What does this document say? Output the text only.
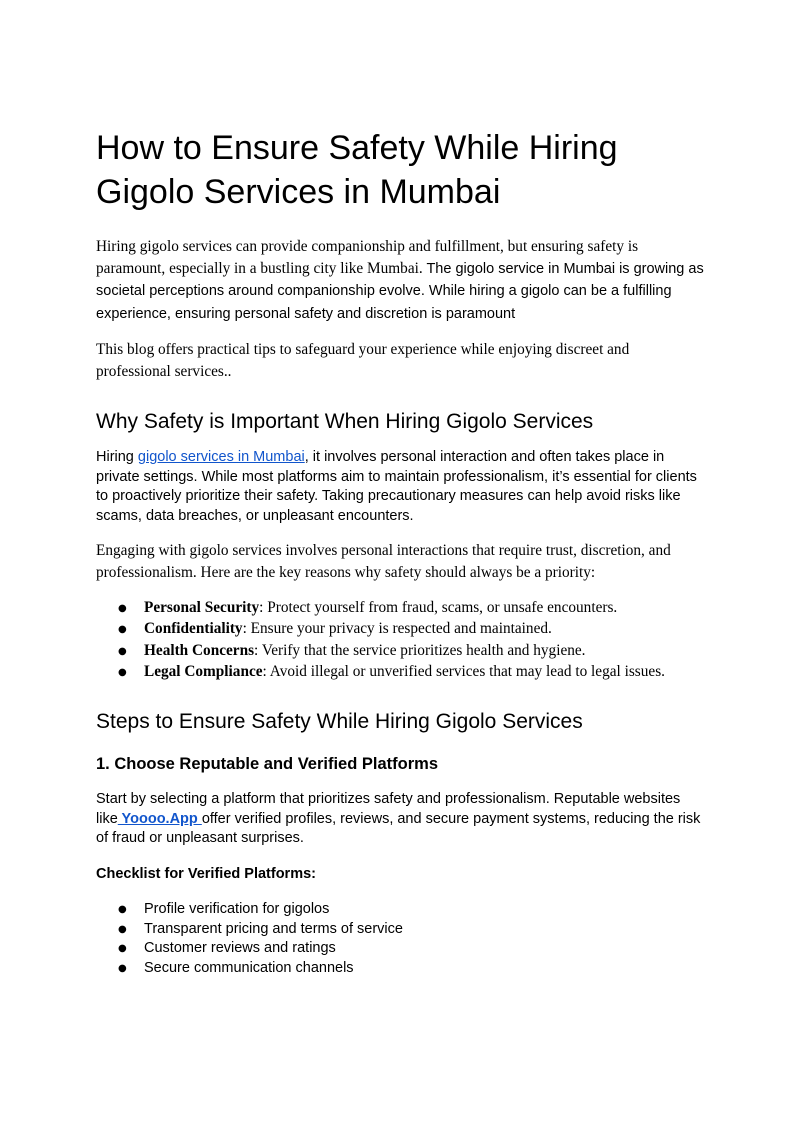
How to Ensure Safety While Hiring
Gigolo Services in Mumbai

Hiring gigolo services can provide companionship and fulfillment, but ensuring safety is paramount, especially in a bustling city like Mumbai. The gigolo service in Mumbai is growing as societal perceptions around companionship evolve. While hiring a gigolo can be a fulfilling experience, ensuring personal safety and discretion is paramount

This blog offers practical tips to safeguard your experience while enjoying discreet and professional services..

Why Safety is Important When Hiring Gigolo Services

Hiring gigolo services in Mumbai, it involves personal interaction and often takes place in private settings. While most platforms aim to maintain professionalism, it’s essential for clients to proactively prioritize their safety. Taking precautionary measures can help avoid risks like scams, data breaches, or unpleasant encounters.

Engaging with gigolo services involves personal interactions that require trust, discretion, and professionalism. Here are the key reasons why safety should always be a priority:

● Personal Security: Protect yourself from fraud, scams, or unsafe encounters.
● Confidentiality: Ensure your privacy is respected and maintained.
● Health Concerns: Verify that the service prioritizes health and hygiene.
● Legal Compliance: Avoid illegal or unverified services that may lead to legal issues.
Steps to Ensure Safety While Hiring Gigolo Services
1. Choose Reputable and Verified Platforms

Start by selecting a platform that prioritizes safety and professionalism. Reputable websites like Yoooo.App offer verified profiles, reviews, and secure payment systems, reducing the risk of fraud or unpleasant surprises.

Checklist for Verified Platforms:

● Profile verification for gigolos
● Transparent pricing and terms of service
● Customer reviews and ratings
● Secure communication channels
